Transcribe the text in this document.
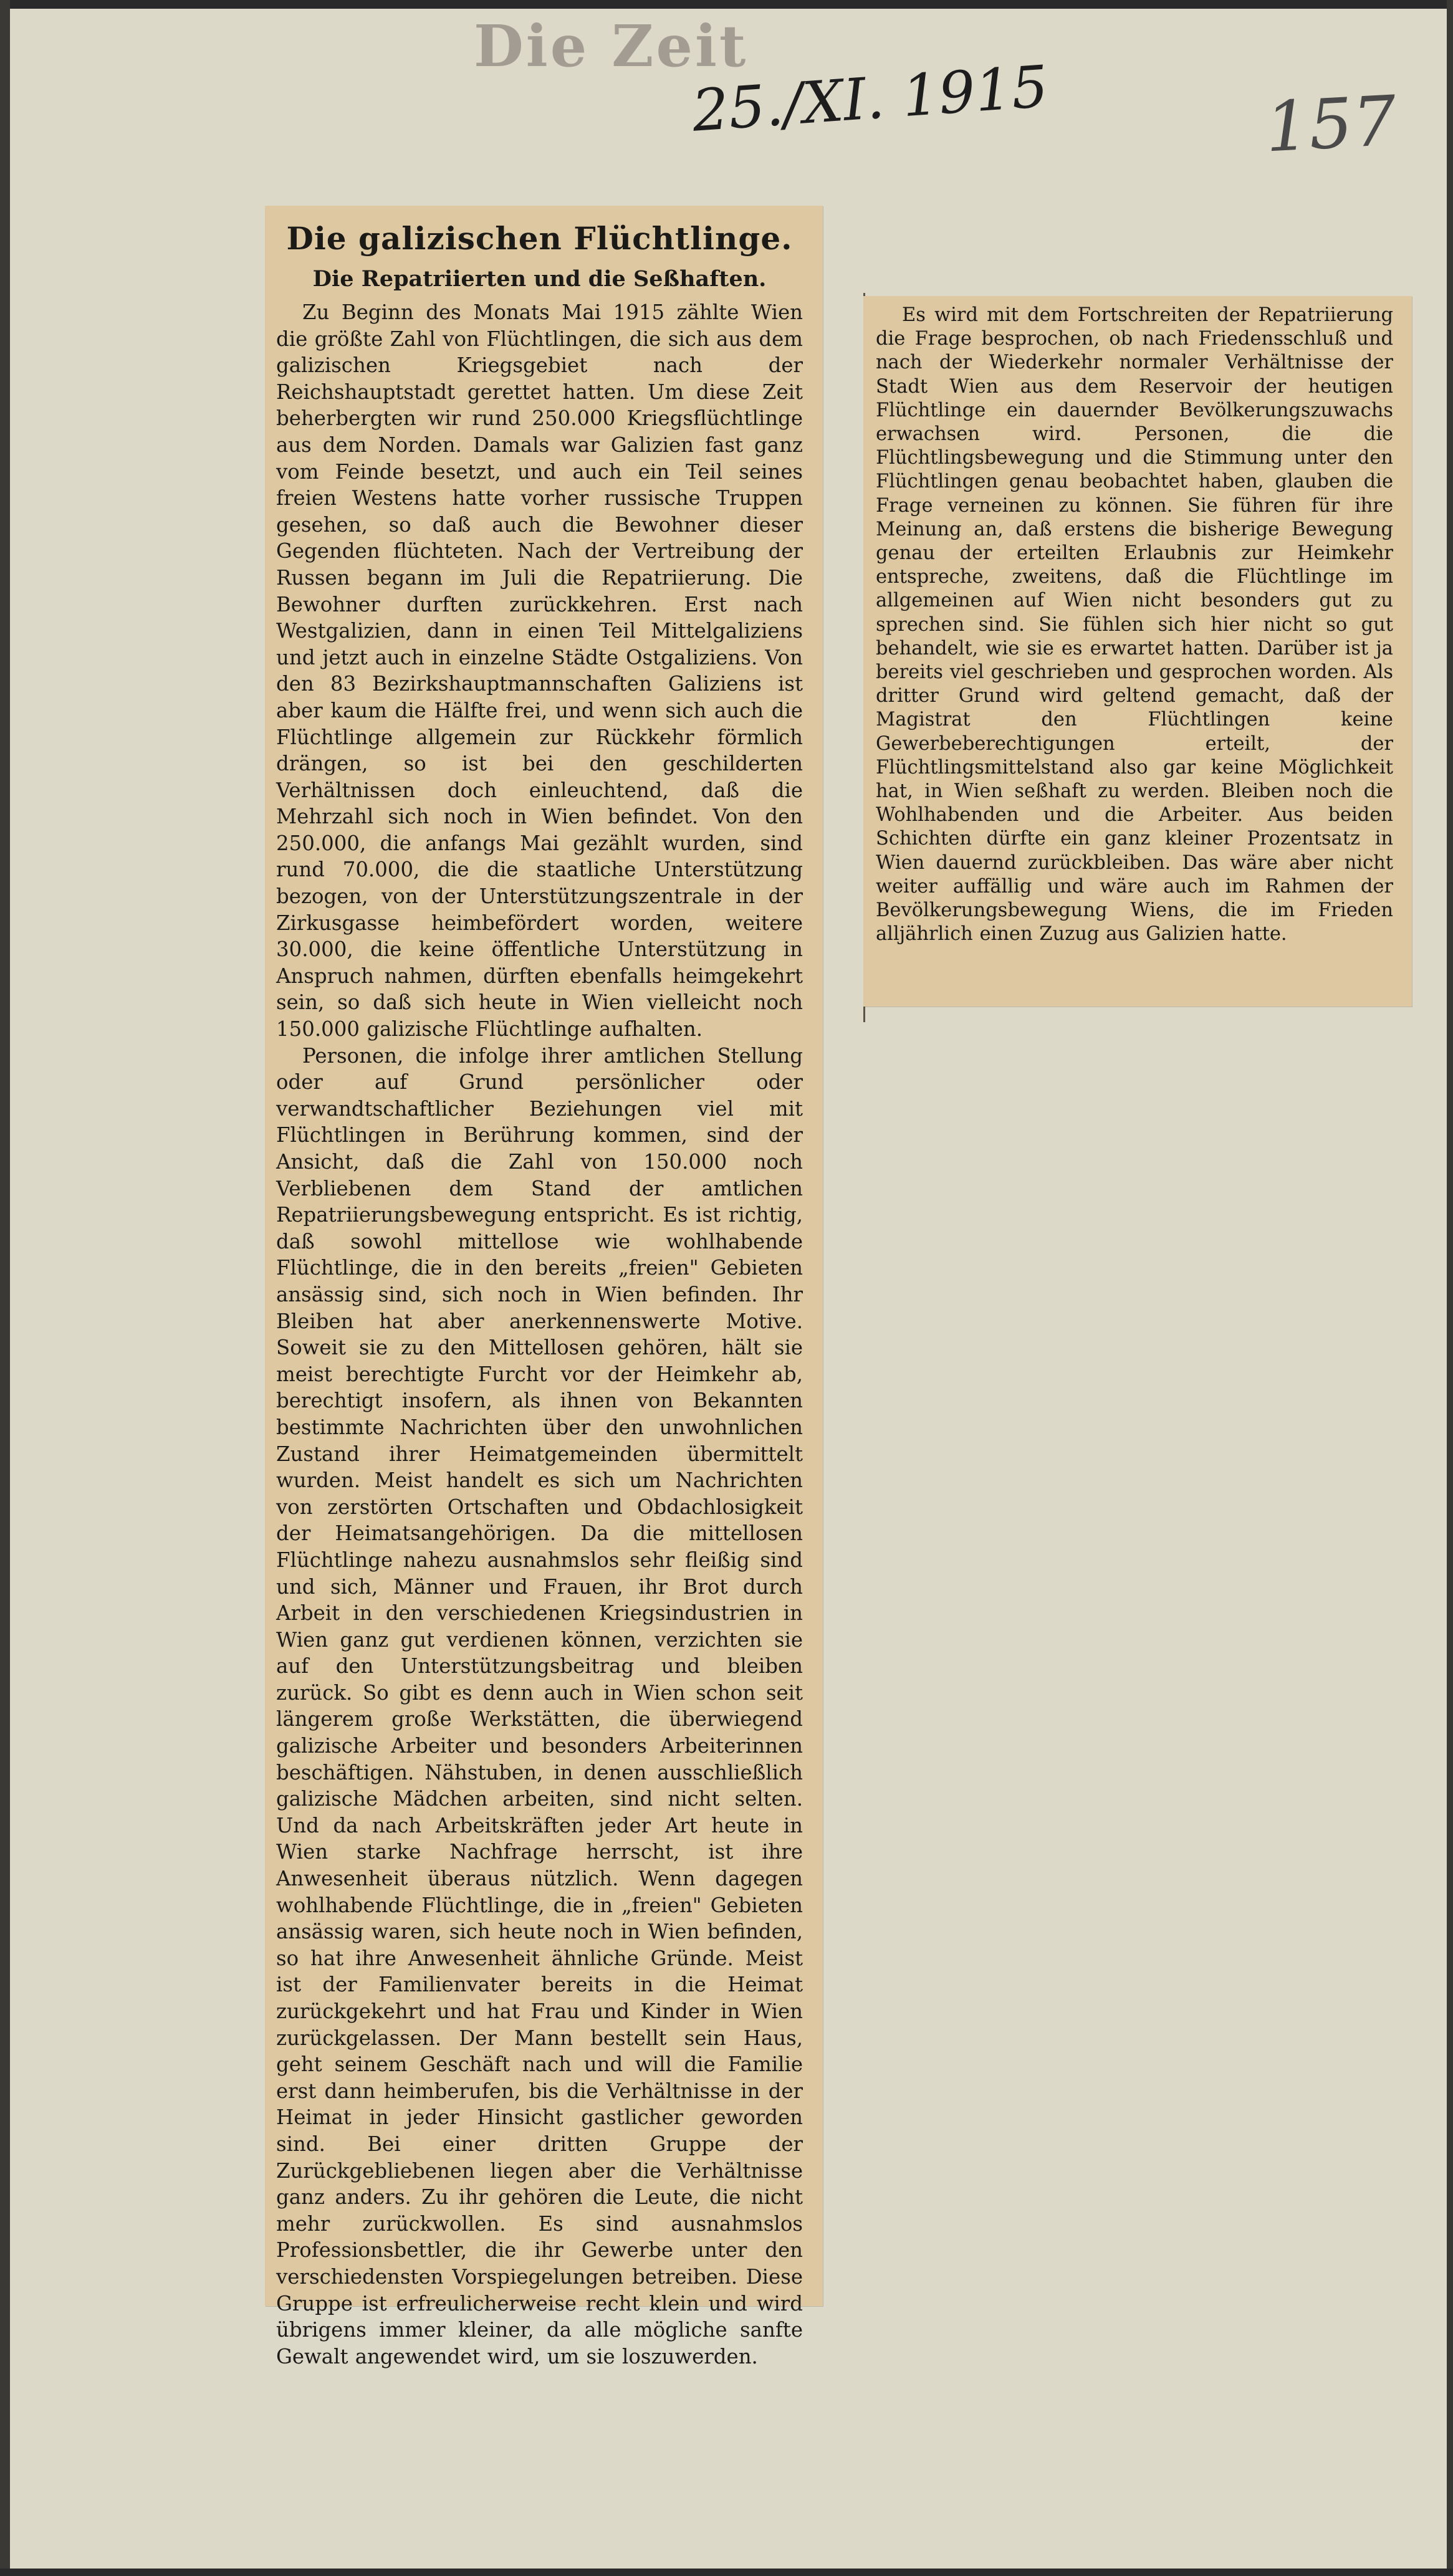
Die Zeit
25./XI. 1915	157
Die galizischen Flüchtlinge.
Die Repatriierten und die Seßhaften.

Zu Beginn des Monats Mai 1915 zählte Wien die größte Zahl von Flüchtlingen, die sich aus dem galizischen Kriegsgebiet nach der Reichshauptstadt gerettet hatten. Um diese Zeit beherbergten wir rund 250.000 Kriegsflüchtlinge aus dem Norden. Damals war Galizien fast ganz vom Feinde besetzt, und auch ein Teil seines freien Westens hatte vorher russische Truppen gesehen, so daß auch die Bewohner dieser Gegenden flüchteten. Nach der Vertreibung der Russen begann im Juli die Repatriierung. Die Bewohner durften zurückkehren. Erst nach Westgalizien, dann in einen Teil Mittelgaliziens und jetzt auch in einzelne Städte Ostgaliziens. Von den 83 Bezirkshauptmannschaften Galiziens ist aber kaum die Hälfte frei, und wenn sich auch die Flüchtlinge allgemein zur Rückkehr förmlich drängen, so ist bei den geschilderten Verhältnissen doch einleuchtend, daß die Mehrzahl sich noch in Wien befindet. Von den 250.000, die anfangs Mai gezählt wurden, sind rund 70.000, die die staatliche Unterstützung bezogen, von der Unterstützungszentrale in der Zirkusgasse heimbefördert worden, weitere 30.000, die keine öffentliche Unterstützung in Anspruch nahmen, dürften ebenfalls heimgekehrt sein, so daß sich heute in Wien vielleicht noch 150.000 galizische Flüchtlinge aufhalten.

Personen, die infolge ihrer amtlichen Stellung oder auf Grund persönlicher oder verwandtschaftlicher Beziehungen viel mit Flüchtlingen in Berührung kommen, sind der Ansicht, daß die Zahl von 150.000 noch Verbliebenen dem Stand der amtlichen Repatriierungsbewegung entspricht. Es ist richtig, daß sowohl mittellose wie wohlhabende Flüchtlinge, die in den bereits „freien" Gebieten ansässig sind, sich noch in Wien befinden. Ihr Bleiben hat aber anerkennenswerte Motive. Soweit sie zu den Mittellosen gehören, hält sie meist berechtigte Furcht vor der Heimkehr ab, berechtigt insofern, als ihnen von Bekannten bestimmte Nachrichten über den unwohnlichen Zustand ihrer Heimatgemeinden übermittelt wurden. Meist handelt es sich um Nachrichten von zerstörten Ortschaften und Obdachlosigkeit der Heimatsangehörigen. Da die mittellosen Flüchtlinge nahezu ausnahmslos sehr fleißig sind und sich, Männer und Frauen, ihr Brot durch Arbeit in den verschiedenen Kriegsindustrien in Wien ganz gut verdienen können, verzichten sie auf den Unterstützungsbeitrag und bleiben zurück. So gibt es denn auch in Wien schon seit längerem große Werkstätten, die überwiegend galizische Arbeiter und besonders Arbeiterinnen beschäftigen. Nähstuben, in denen ausschließlich galizische Mädchen arbeiten, sind nicht selten. Und da nach Arbeitskräften jeder Art heute in Wien starke Nachfrage herrscht, ist ihre Anwesenheit überaus nützlich. Wenn dagegen wohlhabende Flüchtlinge, die in „freien" Gebieten ansässig waren, sich heute noch in Wien befinden, so hat ihre Anwesenheit ähnliche Gründe. Meist ist der Familienvater bereits in die Heimat zurückgekehrt und hat Frau und Kinder in Wien zurückgelassen. Der Mann bestellt sein Haus, geht seinem Geschäft nach und will die Familie erst dann heimberufen, bis die Verhältnisse in der Heimat in jeder Hinsicht gastlicher geworden sind. Bei einer dritten Gruppe der Zurückgebliebenen liegen aber die Verhältnisse ganz anders. Zu ihr gehören die Leute, die nicht mehr zurückwollen. Es sind ausnahmslos Professionsbettler, die ihr Gewerbe unter den verschiedensten Vorspiegelungen betreiben. Diese Gruppe ist erfreulicherweise recht klein und wird übrigens immer kleiner, da alle mögliche sanfte Gewalt angewendet wird, um sie loszuwerden.

Es wird mit dem Fortschreiten der Repatriierung die Frage besprochen, ob nach Friedensschluß und nach der Wiederkehr normaler Verhältnisse der Stadt Wien aus dem Reservoir der heutigen Flüchtlinge ein dauernder Bevölkerungszuwachs erwachsen wird. Personen, die die Flüchtlingsbewegung und die Stimmung unter den Flüchtlingen genau beobachtet haben, glauben die Frage verneinen zu können. Sie führen für ihre Meinung an, daß erstens die bisherige Bewegung genau der erteilten Erlaubnis zur Heimkehr entspreche, zweitens, daß die Flüchtlinge im allgemeinen auf Wien nicht besonders gut zu sprechen sind. Sie fühlen sich hier nicht so gut behandelt, wie sie es erwartet hatten. Darüber ist ja bereits viel geschrieben und gesprochen worden. Als dritter Grund wird geltend gemacht, daß der Magistrat den Flüchtlingen keine Gewerbeberechtigungen erteilt, der Flüchtlingsmittelstand also gar keine Möglichkeit hat, in Wien seßhaft zu werden. Bleiben noch die Wohlhabenden und die Arbeiter. Aus beiden Schichten dürfte ein ganz kleiner Prozentsatz in Wien dauernd zurückbleiben. Das wäre aber nicht weiter auffällig und wäre auch im Rahmen der Bevölkerungsbewegung Wiens, die im Frieden alljährlich einen Zuzug aus Galizien hatte.
